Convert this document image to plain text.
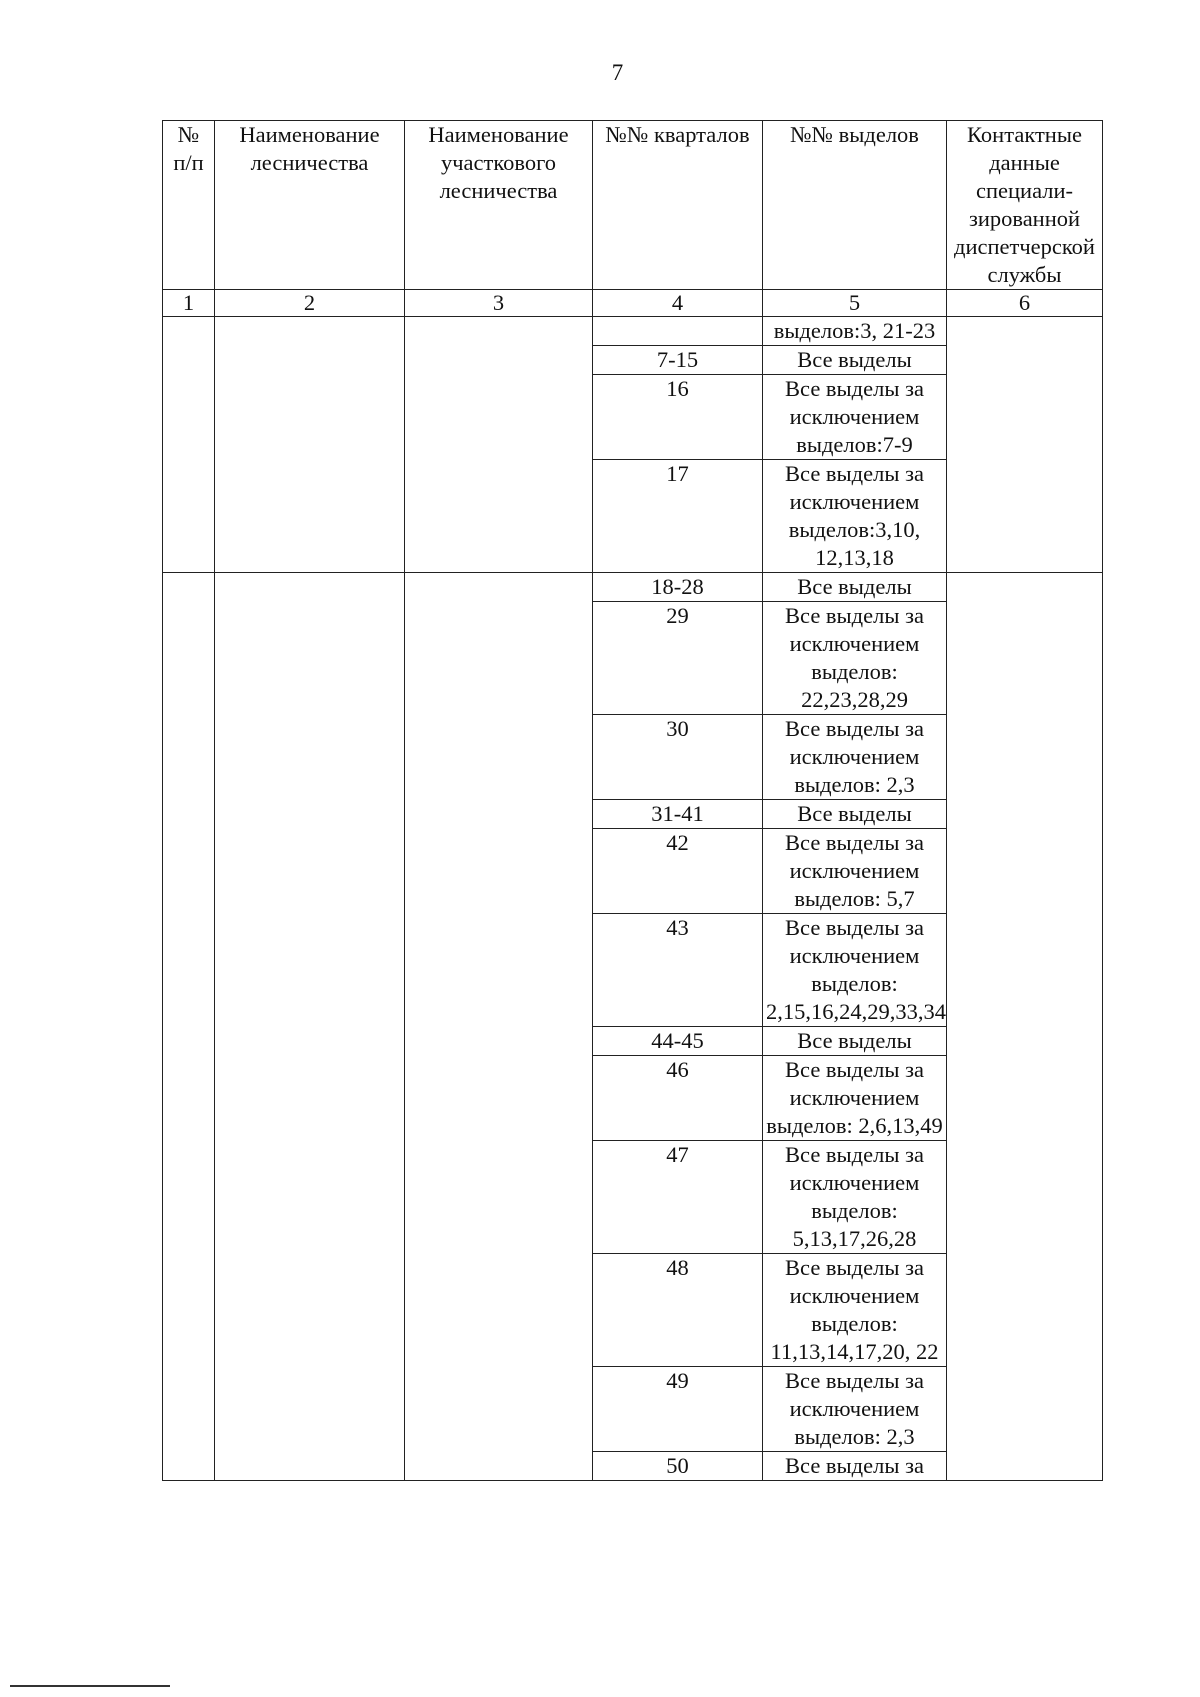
7
№ п/п	Наименование лесничества	Наименование участкового лесничества	№№ кварталов	№№ выделов	Контактные данные специали-зированной диспетчерской службы
1	2	3	4	5	6
				выделов:3, 21-23	
			7-15	Все выделы	
			16	Все выделы за исключением выделов:7-9	
			17	Все выделы за исключением выделов:3,10, 12,13,18	
			18-28	Все выделы	
			29	Все выделы за исключением выделов: 22,23,28,29	
			30	Все выделы за исключением выделов: 2,3	
			31-41	Все выделы	
			42	Все выделы за исключением выделов: 5,7	
			43	Все выделы за исключением выделов: 2,15,16,24,29,33,34	
			44-45	Все выделы	
			46	Все выделы за исключением выделов: 2,6,13,49	
			47	Все выделы за исключением выделов: 5,13,17,26,28	
			48	Все выделы за исключением выделов: 11,13,14,17,20, 22	
			49	Все выделы за исключением выделов: 2,3	
			50	Все выделы за	
